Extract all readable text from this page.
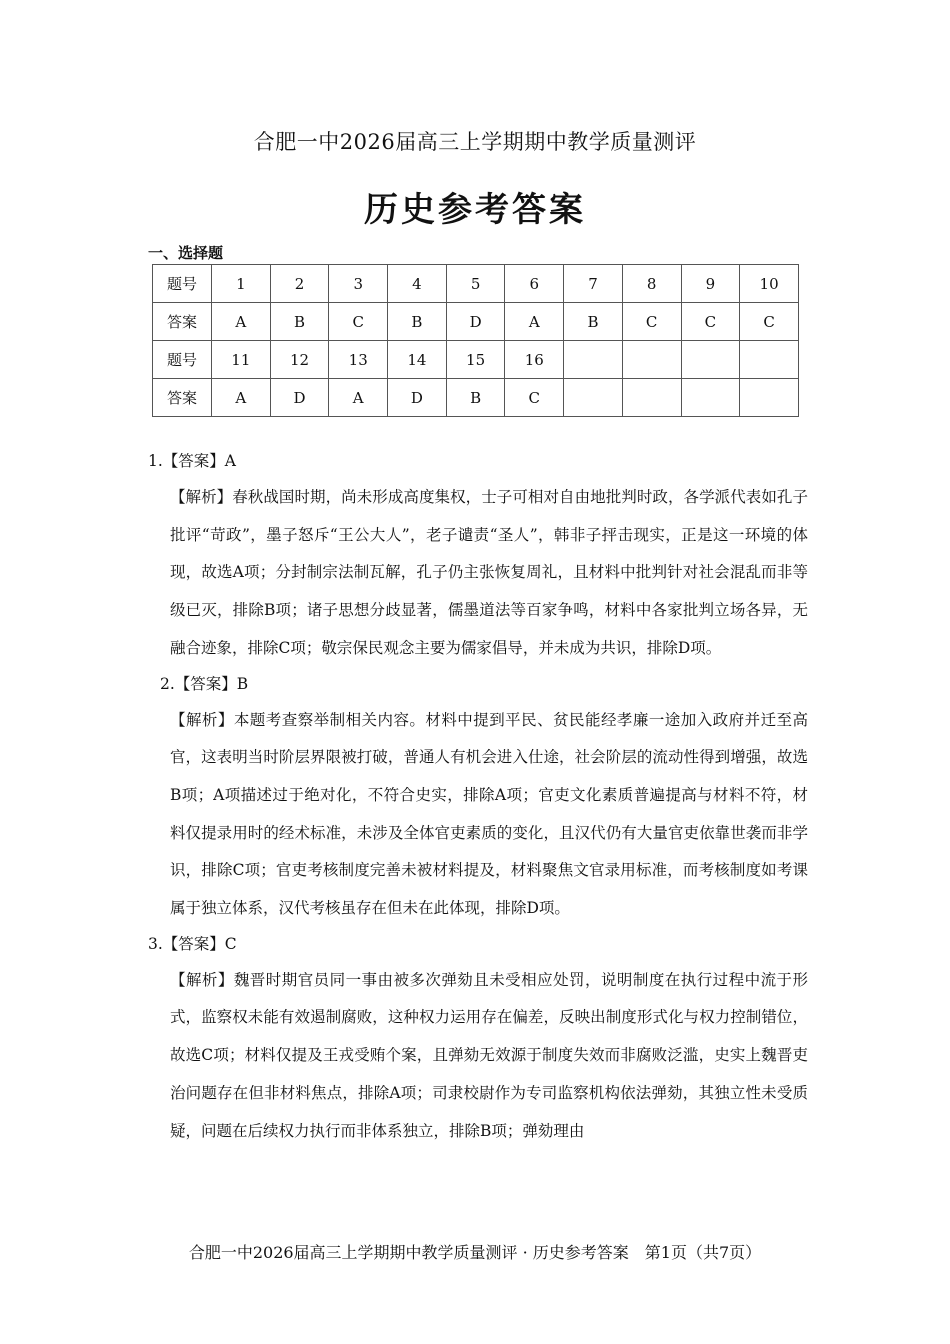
合肥一中2026届高三上学期期中教学质量测评
历史参考答案
一、选择题
题号	1	2	3	4	5	6	7	8	9	10
答案	A	B	C	B	D	A	B	C	C	C
题号	11	12	13	14	15	16				
答案	A	D	A	D	B	C				

1.【答案】A

【解析】春秋战国时期，尚未形成高度集权，士子可相对自由地批判时政，各学派代表如孔子批评“苛政”，墨子怒斥“王公大人”，老子谴责“圣人”，韩非子抨击现实，正是这一环境的体现，故选A项；分封制宗法制瓦解，孔子仍主张恢复周礼，且材料中批判针对社会混乱而非等级已灭，排除B项；诸子思想分歧显著，儒墨道法等百家争鸣，材料中各家批判立场各异，无融合迹象，排除C项；敬宗保民观念主要为儒家倡导，并未成为共识，排除D项。

2.【答案】B

【解析】本题考查察举制相关内容。材料中提到平民、贫民能经孝廉一途加入政府并迁至高官，这表明当时阶层界限被打破，普通人有机会进入仕途，社会阶层的流动性得到增强，故选B项；A项描述过于绝对化，不符合史实，排除A项；官吏文化素质普遍提高与材料不符，材料仅提录用时的经术标准，未涉及全体官吏素质的变化，且汉代仍有大量官吏依靠世袭而非学识，排除C项；官吏考核制度完善未被材料提及，材料聚焦文官录用标准，而考核制度如考课属于独立体系，汉代考核虽存在但未在此体现，排除D项。

3.【答案】C

【解析】魏晋时期官员同一事由被多次弹劾且未受相应处罚，说明制度在执行过程中流于形式，监察权未能有效遏制腐败，这种权力运用存在偏差，反映出制度形式化与权力控制错位，故选C项；材料仅提及王戎受贿个案，且弹劾无效源于制度失效而非腐败泛滥，史实上魏晋吏治问题存在但非材料焦点，排除A项；司隶校尉作为专司监察机构依法弹劾，其独立性未受质疑，问题在后续权力执行而非体系独立，排除B项；弹劾理由

合肥一中2026届高三上学期期中教学质量测评 · 历史参考答案　第1页（共7页）
